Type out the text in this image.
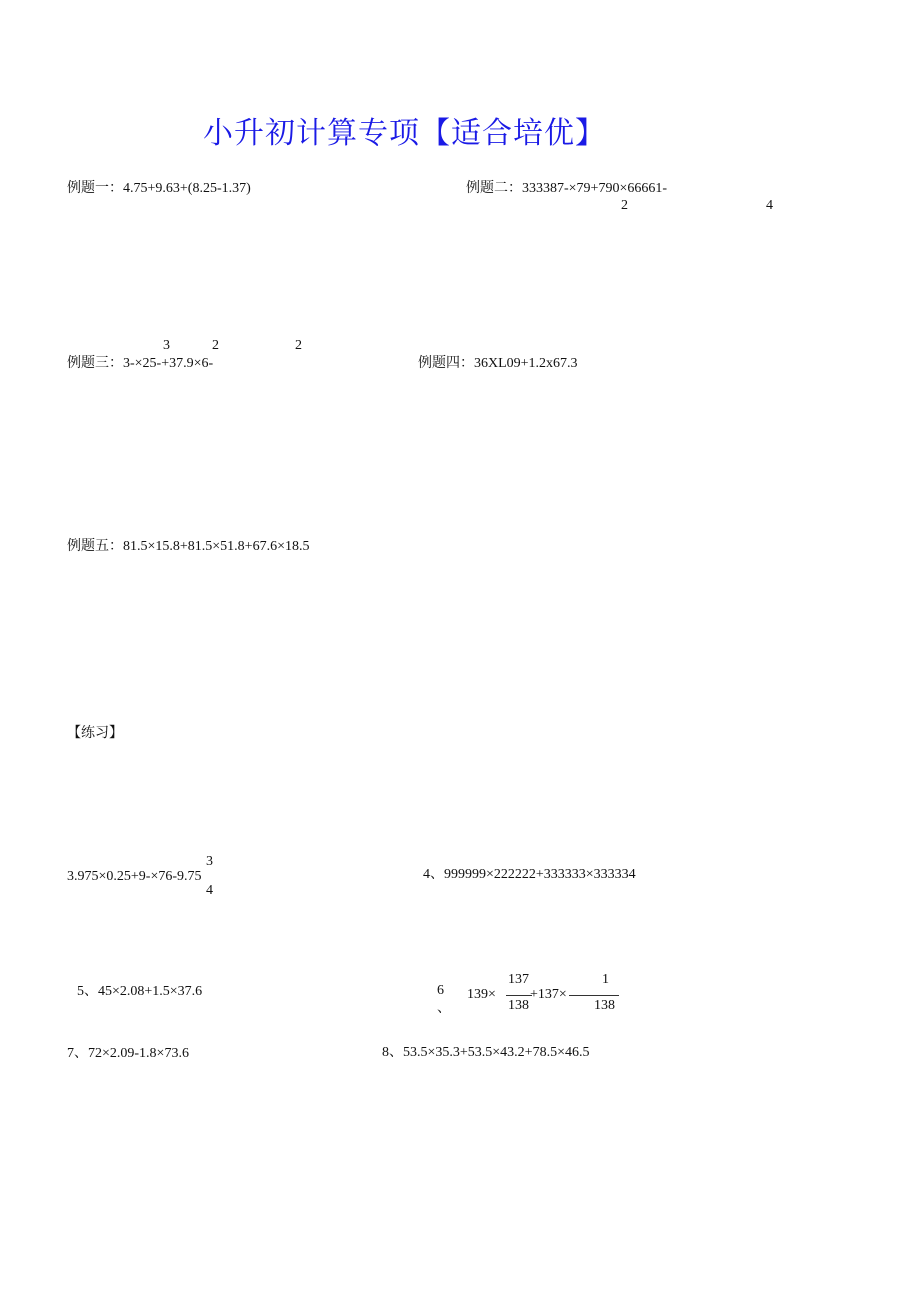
小升初计算专项【适合培优】
例题一：4.75+9.63+(8.25-1.37)	例题二：333387-×79+790×66661-
2	4
3	2	2
例题三：3-×25-+37.9×6-	例题四：36XL09+1.2x67.3
例题五：81.5×15.8+81.5×51.8+67.6×18.5
【练习】
3
3.975×0.25+9-×76-9.75
4
4、999999×222222+333333×333334
5、45×2.08+1.5×37.6	6
、
137
139× +137×
138
1
138
7、72×2.09-1.8×73.6	8、53.5×35.3+53.5×43.2+78.5×46.5
